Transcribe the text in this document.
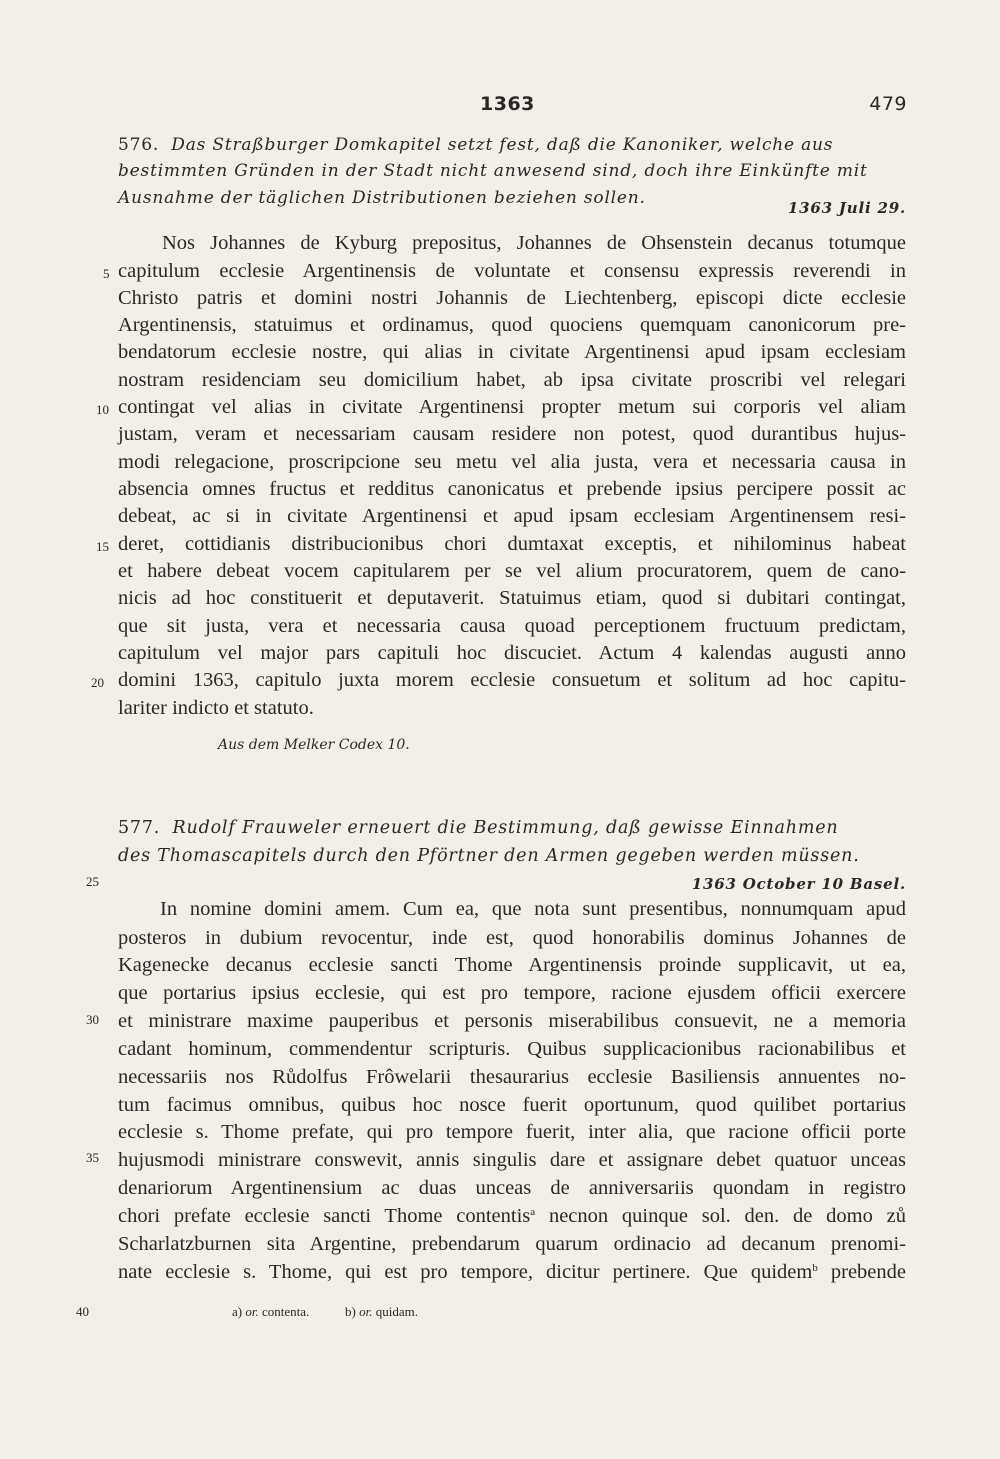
1363	479
576. Das Straßburger Domkapitel setzt fest, daß die Kanoniker, welche aus
bestimmten Gründen in der Stadt nicht anwesend sind, doch ihre Einkünfte mit
Ausnahme der täglichen Distributionen beziehen sollen.	1363 Juli 29.
Nos Johannes de Kyburg prepositus, Johannes de Ohsenstein decanus totumque
capitulum ecclesie Argentinensis de voluntate et consensu expressis reverendi in
Christo patris et domini nostri Johannis de Liechtenberg, episcopi dicte ecclesie
Argentinensis, statuimus et ordinamus, quod quociens quemquam canonicorum pre-
bendatorum ecclesie nostre, qui alias in civitate Argentinensi apud ipsam ecclesiam
nostram residenciam seu domicilium habet, ab ipsa civitate proscribi vel relegari
contingat vel alias in civitate Argentinensi propter metum sui corporis vel aliam
justam, veram et necessariam causam residere non potest, quod durantibus hujus-
modi relegacione, proscripcione seu metu vel alia justa, vera et necessaria causa in
absencia omnes fructus et redditus canonicatus et prebende ipsius percipere possit ac
debeat, ac si in civitate Argentinensi et apud ipsam ecclesiam Argentinensem resi-
deret, cottidianis distribucionibus chori dumtaxat exceptis, et nihilominus habeat
et habere debeat vocem capitularem per se vel alium procuratorem, quem de cano-
nicis ad hoc constituerit et deputaverit. Statuimus etiam, quod si dubitari contingat,
que sit justa, vera et necessaria causa quoad perceptionem fructuum predictam,
capitulum vel major pars capituli hoc discuciet. Actum 4 kalendas augusti anno
domini 1363, capitulo juxta morem ecclesie consuetum et solitum ad hoc capitu-
lariter indicto et statuto.
Aus dem Melker Codex 10.
577. Rudolf Frauweler erneuert die Bestimmung, daß gewisse Einnahmen
des Thomascapitels durch den Pförtner den Armen gegeben werden müssen.
1363 October 10 Basel.
In nomine domini amem. Cum ea, que nota sunt presentibus, nonnumquam apud
posteros in dubium revocentur, inde est, quod honorabilis dominus Johannes de
Kagenecke decanus ecclesie sancti Thome Argentinensis proinde supplicavit, ut ea,
que portarius ipsius ecclesie, qui est pro tempore, racione ejusdem officii exercere
et ministrare maxime pauperibus et personis miserabilibus consuevit, ne a memoria
cadant hominum, commendentur scripturis. Quibus supplicacionibus racionabilibus et
necessariis nos Růdolfus Frôwelarii thesaurarius ecclesie Basiliensis annuentes no-
tum facimus omnibus, quibus hoc nosce fuerit oportunum, quod quilibet portarius
ecclesie s. Thome prefate, qui pro tempore fuerit, inter alia, que racione officii porte
hujusmodi ministrare conswevit, annis singulis dare et assignare debet quatuor unceas
denariorum Argentinensium ac duas unceas de anniversariis quondam in registro
chori prefate ecclesie sancti Thome contentis$^a$ necnon quinque sol. den. de domo zů
Scharlatzburnen sita Argentine, prebendarum quarum ordinacio ad decanum prenomi-
nate ecclesie s. Thome, qui est pro tempore, dicitur pertinere. Que quidem$^b$ prebende
5
10
15
20
25
30
35
40	a) or. contenta.	b) or. quidam.
